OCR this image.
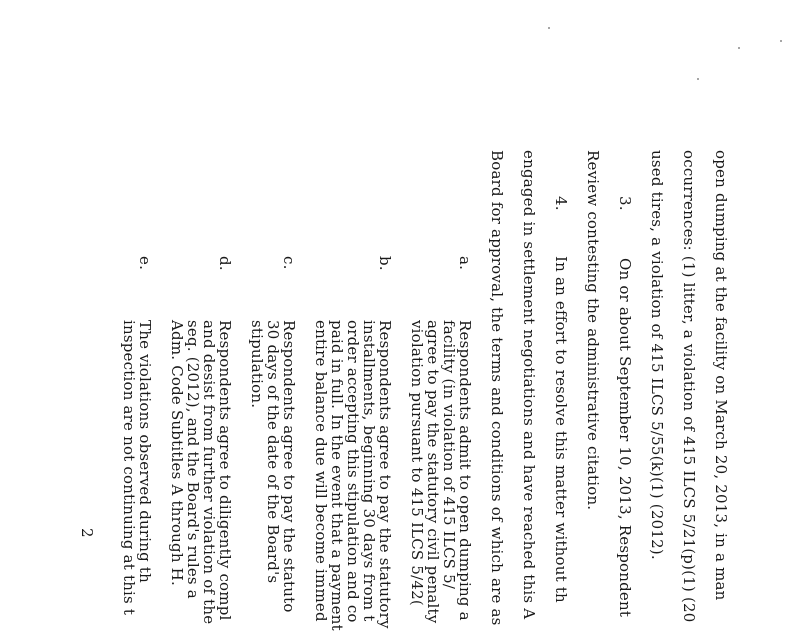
open dumping at the facility on March 20, 2013, in a man
occurrences: (1) litter, a violation of 415 ILCS 5/21(p)(1) (20
used tires, a violation of 415 ILCS 5/55(k)(1) (2012).
3.
On or about September 10, 2013, Respondent
Review contesting the administrative citation.
4.
In an effort to resolve this matter without th
engaged in settlement negotiations and have reached this A
Board for approval, the terms and conditions of which are as
a.
Respondents admit to open dumping a
facility (in violation of 415 ILCS 5/
agree to pay the statutory civil penalty
violation pursuant to 415 ILCS 5/42(
b.
Respondents agree to pay the statutory
installments, beginning 30 days from t
order accepting this stipulation and co
paid in full. In the event that a payment
entire balance due will become immed
c.
Respondents agree to pay the statuto
30 days of the date of the Board's
stipulation.
d.
Respondents agree to diligently compl
and desist from further violation of the
seq. (2012), and the Board's rules a
Adm. Code Subtitles A through H.
e.
The violations observed during th
inspection are not continuing at this t
2
